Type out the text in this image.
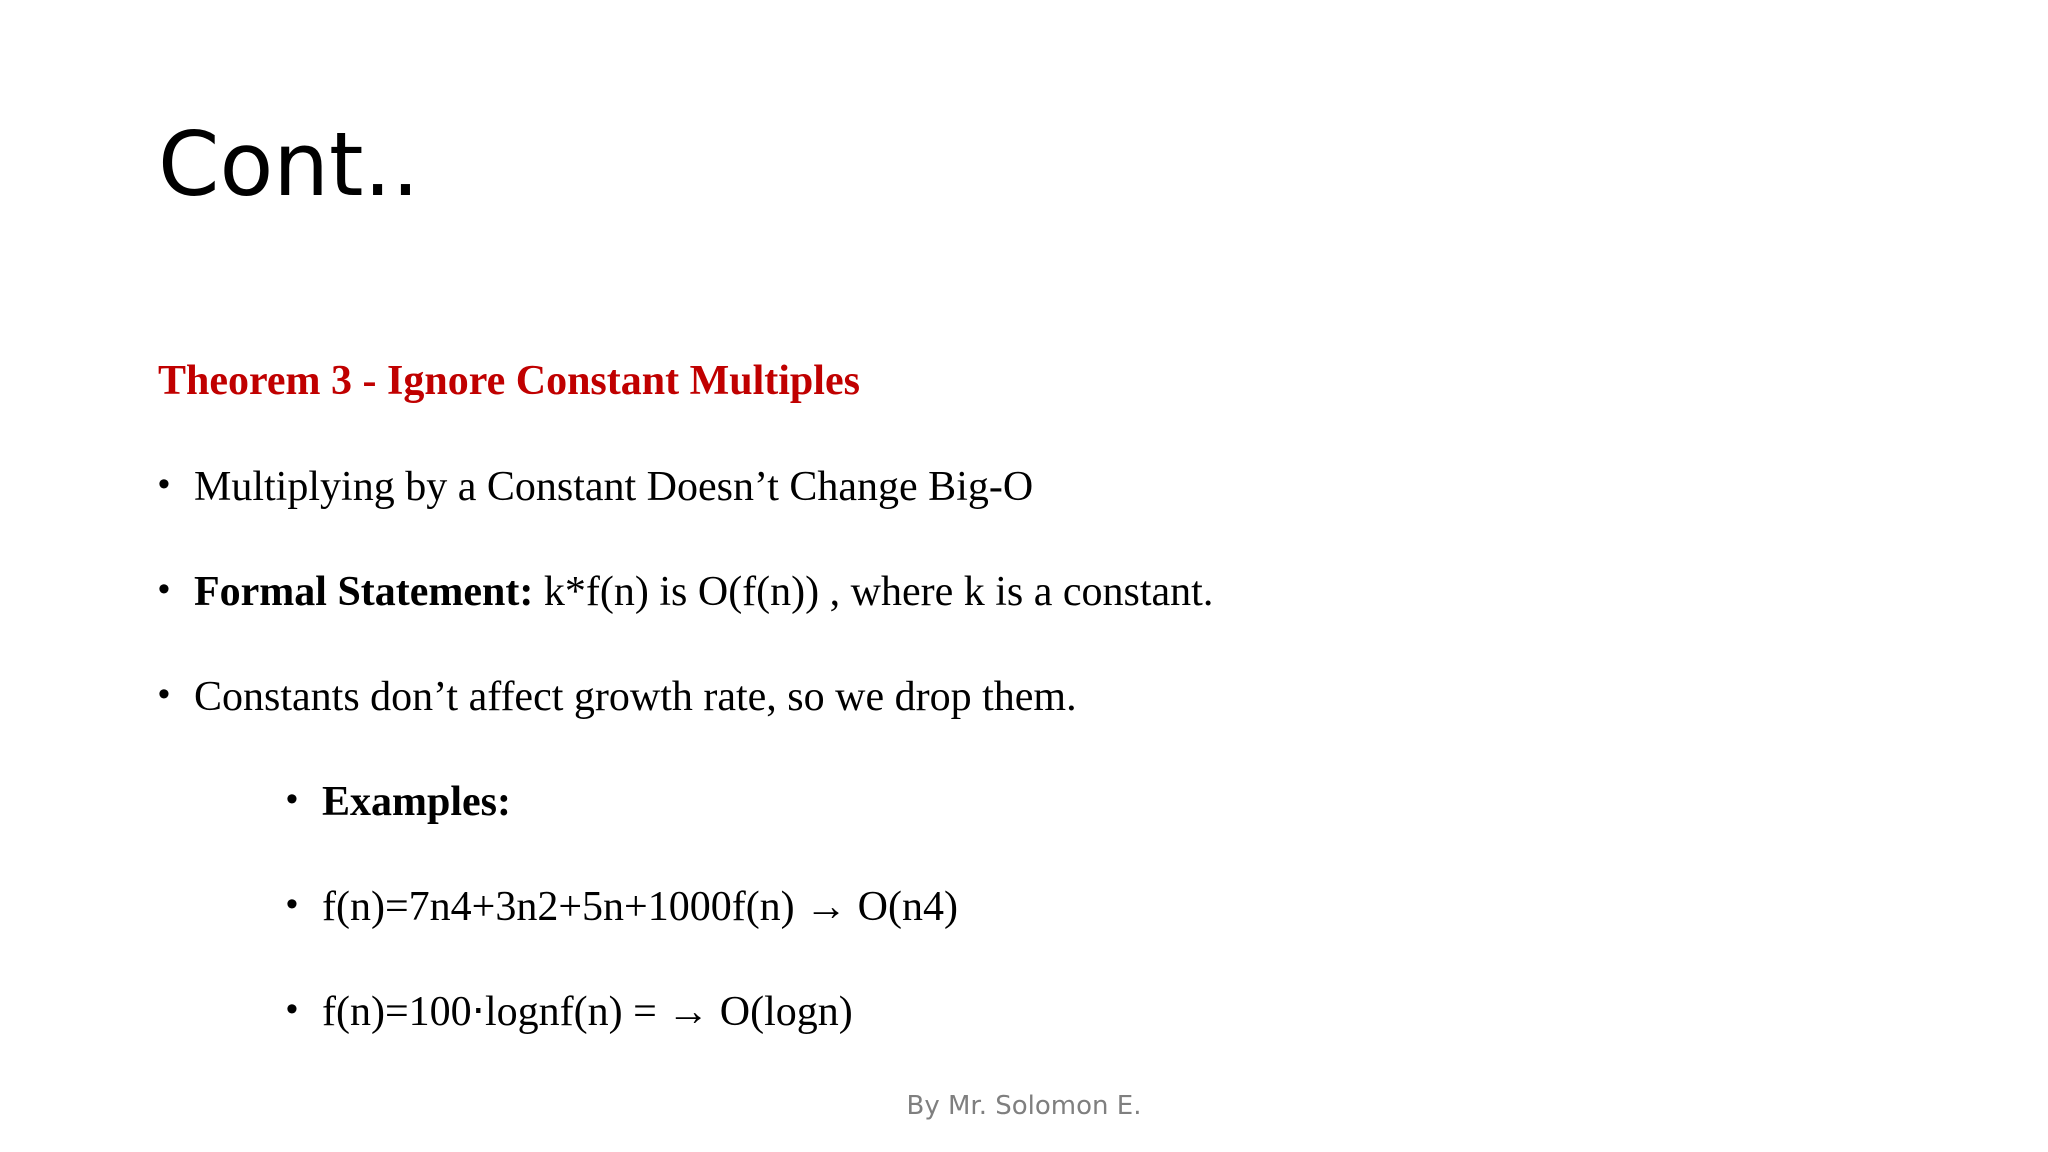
Cont..
Theorem 3 - Ignore Constant Multiples
• Multiplying by a Constant Doesn’t Change Big-O
• Formal Statement: k*f(n) is O(f(n)) , where k is a constant.
• Constants don’t affect growth rate, so we drop them.
• Examples:
• f(n)=7n4+3n2+5n+1000f(n) → O(n4)
• f(n)=100⋅lognf(n) = → O(logn)
By Mr. Solomon E.
